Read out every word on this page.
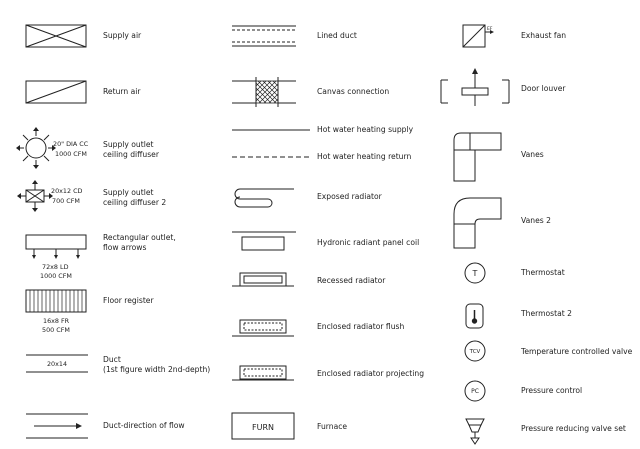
20" DIA CC
1000 CFM
20x12 CD
700 CFM
72x8 LD
1000 CFM
16x8 FR
500 CFM
20x14
FURN
EF
T
TCV
PC
Supply air
Return air
Supply outlet
ceiling diffuser
Supply outlet
ceiling diffuser 2
Rectangular outlet,
flow arrows
Floor register
Duct
(1st figure width 2nd-depth)
Duct-direction of flow
Lined duct
Canvas connection
Hot water heating supply
Hot water heating return
Exposed radiator
Hydronic radiant panel coil
Recessed radiator
Enclosed radiator flush
Enclosed radiator projecting
Furnace
Exhaust fan
Door louver
Vanes
Vanes 2
Thermostat
Thermostat 2
Temperature controlled valve
Pressure control
Pressure reducing valve set
